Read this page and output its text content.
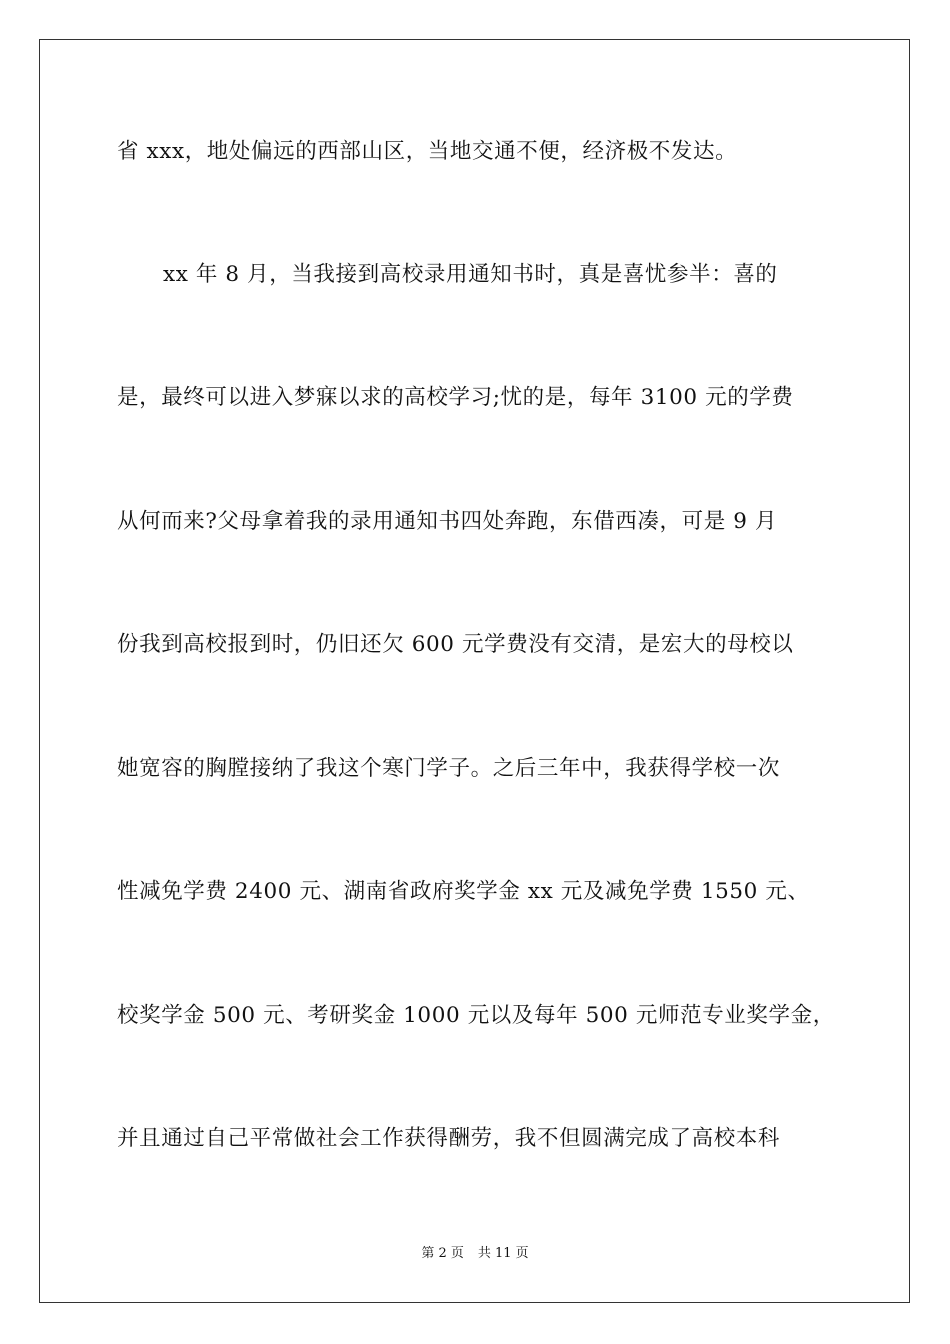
省 xxx，地处偏远的西部山区，当地交通不便，经济极不发达。
xx 年 8 月，当我接到高校录用通知书时，真是喜忧参半：喜的
是，最终可以进入梦寐以求的高校学习;忧的是，每年 3100 元的学费
从何而来?父母拿着我的录用通知书四处奔跑，东借西凑，可是 9 月
份我到高校报到时，仍旧还欠 600 元学费没有交清，是宏大的母校以
她宽容的胸膛接纳了我这个寒门学子。之后三年中，我获得学校一次
性减免学费 2400 元、湖南省政府奖学金 xx 元及减免学费 1550 元、
校奖学金 500 元、考研奖金 1000 元以及每年 500 元师范专业奖学金，
并且通过自己平常做社会工作获得酬劳，我不但圆满完成了高校本科
第 2 页 共 11 页
